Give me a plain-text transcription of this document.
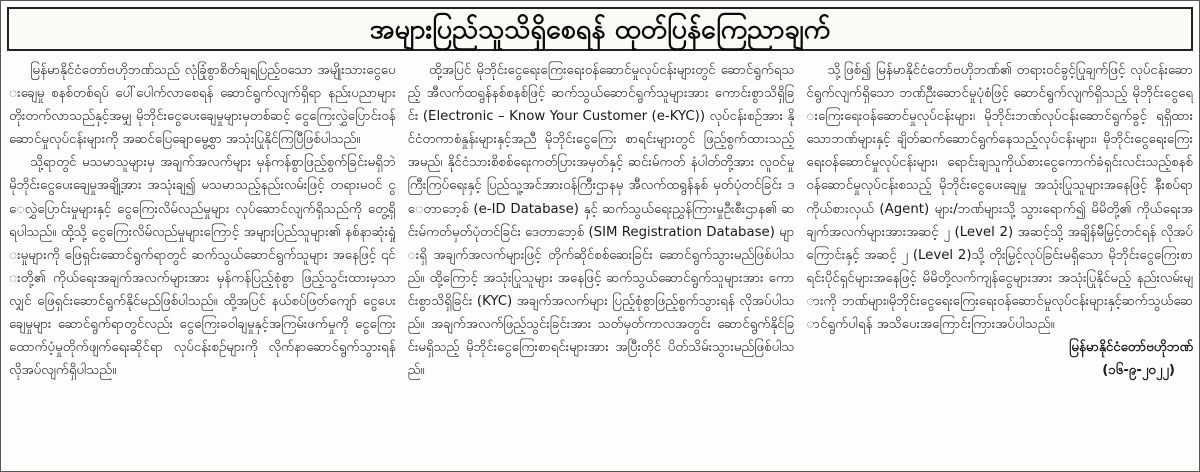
အများပြည်သူသိရှိစေရန် ထုတ်ပြန်ကြေညာချက်

မြန်မာနိုင်ငံတော်ဗဟိုဘဏ်သည် လုံခြုံစွာစိတ်ချရပြည့်ဝသော အမျိုးသားငွေပေးချေမှု စနစ်တစ်ရပ် ပေါ်ပေါက်လာစေရန် ဆောင်ရွက်လျက်ရှိရာ နည်းပညာများ တိုးတက်လာသည်နှင့်အမျှ မိုဘိုင်းငွေပေးချေမှုများမှတစ်ဆင့် ငွေကြေးလွှဲပြောင်းဝန်ဆောင်မှုလုပ်ငန်းများကို အဆင်ပြေချောမွေ့စွာ အသုံးပြုနိုင်ကြပြီဖြစ်ပါသည်။

သို့ရာတွင် မသမာသူများမှ အချက်အလက်များ မှန်ကန်စွာဖြည့်စွက်ခြင်းမရှိဘဲ မိုဘိုင်းငွေပေးချေမှုအချို့အား အသုံးချ၍ မသမာသည့်နည်းလမ်းဖြင့် တရားမဝင် ငွေလွှဲပြောင်းမှုများနှင့် ငွေကြေးလိမ်လည်မှုများ လုပ်ဆောင်လျက်ရှိသည်ကို တွေ့ရှိရပါသည်။ ထို့သို့ ငွေကြေးလိမ်လည်မှုများကြောင့် အများပြည်သူများ၏ နစ်နာဆုံးရှုံးမှုများကို ဖြေရှင်းဆောင်ရွက်ရာတွင် ဆက်သွယ်ဆောင်ရွက်သူများ အနေဖြင့် ၎င်းတို့၏ ကိုယ်ရေးအချက်အလက်များအား မှန်ကန်ပြည့်စုံစွာ ဖြည့်သွင်းထားမှသာလျှင် ဖြေရှင်းဆောင်ရွက်နိုင်မည်ဖြစ်ပါသည်။ ထို့အပြင် နယ်စပ်ဖြတ်ကျော် ငွေပေးချေမှုများ ဆောင်ရွက်ရာတွင်လည်း ငွေကြေးခဝါချမှုနှင့်အကြမ်းဖက်မှုကို ငွေကြေးထောက်ပံ့မှုတိုက်ဖျက်ရေးဆိုင်ရာ လုပ်ငန်းစဉ်များကို လိုက်နာဆောင်ရွက်သွားရန် လိုအပ်လျက်ရှိပါသည်။

ထို့အပြင် မိုဘိုင်းငွေရေးကြေးရေးဝန်ဆောင်မှုလုပ်ငန်းများတွင် ဆောင်ရွက်ရသည့် အီလက်ထရွန်နစ်စနစ်ဖြင့် ဆက်သွယ်ဆောင်ရွက်သူများအား ကောင်းစွာသိရှိခြင်း (Electronic – Know Your Customer (e-KYC)) လုပ်ငန်းစဉ်အား နိုင်ငံတကာစံနှုန်းများနှင့်အညီ မိုဘိုင်းငွေကြေး စာရင်းများတွင် ဖြည့်စွက်ထားသည့် အမည်၊ နိုင်ငံသားစိစစ်ရေးကတ်ပြားအမှတ်နှင့် ဆင်းမ်ကတ် နံပါတ်တို့အား လူဝင်မှုကြီးကြပ်ရေးနှင့် ပြည်သူ့အင်အားဝန်ကြီးဌာနမှ အီလက်ထရွန်နစ် မှတ်ပုံတင်ခြင်း ဒေတာဘေ့စ် (e-ID Database) နှင့် ဆက်သွယ်ရေးညွှန်ကြားမှုဦးစီးဌာန၏ ဆင်းမ်ကတ်မှတ်ပုံတင်ခြင်း ဒေတာဘေ့စ် (SIM Registration Database) များရှိ အချက်အလက်များဖြင့် တိုက်ဆိုင်စစ်ဆေးခြင်း ဆောင်ရွက်သွားမည်ဖြစ်ပါသည်။ ထို့ကြောင့် အသုံးပြုသူများ အနေဖြင့် ဆက်သွယ်ဆောင်ရွက်သူများအား ကောင်းစွာသိရှိခြင်း (KYC) အချက်အလက်များ ပြည့်စုံစွာဖြည့်စွက်သွားရန် လိုအပ်ပါသည်။ အချက်အလက်ဖြည့်သွင်းခြင်းအား သတ်မှတ်ကာလအတွင်း ဆောင်ရွက်နိုင်ခြင်းမရှိသည့် မိုဘိုင်းငွေကြေးစာရင်းများအား အပြီးတိုင် ပိတ်သိမ်းသွားမည်ဖြစ်ပါသည်။

သို့ဖြစ်၍ မြန်မာနိုင်ငံတော်ဗဟိုဘဏ်၏ တရားဝင်ခွင့်ပြုချက်ဖြင့် လုပ်ငန်းဆောင်ရွက်လျက်ရှိသော ဘဏ်ဦးဆောင်မှုပုံစံဖြင့် ဆောင်ရွက်လျက်ရှိသည့် မိုဘိုင်းငွေရေးကြေးရေးဝန်ဆောင်မှုလုပ်ငန်းများ၊ မိုဘိုင်းဘဏ်လုပ်ငန်းဆောင်ရွက်ခွင့် ရရှိထားသောဘဏ်များနှင့် ချိတ်ဆက်ဆောင်ရွက်နေသည့်လုပ်ငန်းများ၊ မိုဘိုင်းငွေရေးကြေးရေးဝန်ဆောင်မှုလုပ်ငန်းများ၊ ရောင်းချသူကိုယ်စားငွေကောက်ခံရှင်းလင်းသည့်စနစ်ဝန်ဆောင်မှုလုပ်ငန်းစသည့် မိုဘိုင်းငွေပေးချေမှု အသုံးပြုသူများအနေဖြင့် နီးစပ်ရာကိုယ်စားလှယ် (Agent) များ/ဘဏ်များသို့ သွားရောက်၍ မိမိတို့၏ ကိုယ်ရေးအချက်အလက်များအားအဆင့် ၂ (Level 2) အဆင့်သို့ အချိန်မီမြှင့်တင်ရန် လိုအပ်ကြောင်းနှင့် အဆင့် ၂ (Level 2)သို့ တိုးမြှင့်လုပ်ခြင်းမရှိသော မိုဘိုင်းငွေကြေးစာရင်းပိုင်ရှင်များအနေဖြင့် မိမိတို့လက်ကျန်ငွေများအား အသုံးပြုနိုင်မည့် နည်းလမ်းများကို ဘဏ်များ၊မိုဘိုင်းငွေရေးကြေးရေးဝန်ဆောင်မှုလုပ်ငန်းများနှင့်ဆက်သွယ်ဆောင်ရွက်ပါရန် အသိပေးအကြောင်းကြားအပ်ပါသည်။

မြန်မာနိုင်ငံတော်ဗဟိုဘဏ်

(၁၆-၉-၂၀၂၂)
